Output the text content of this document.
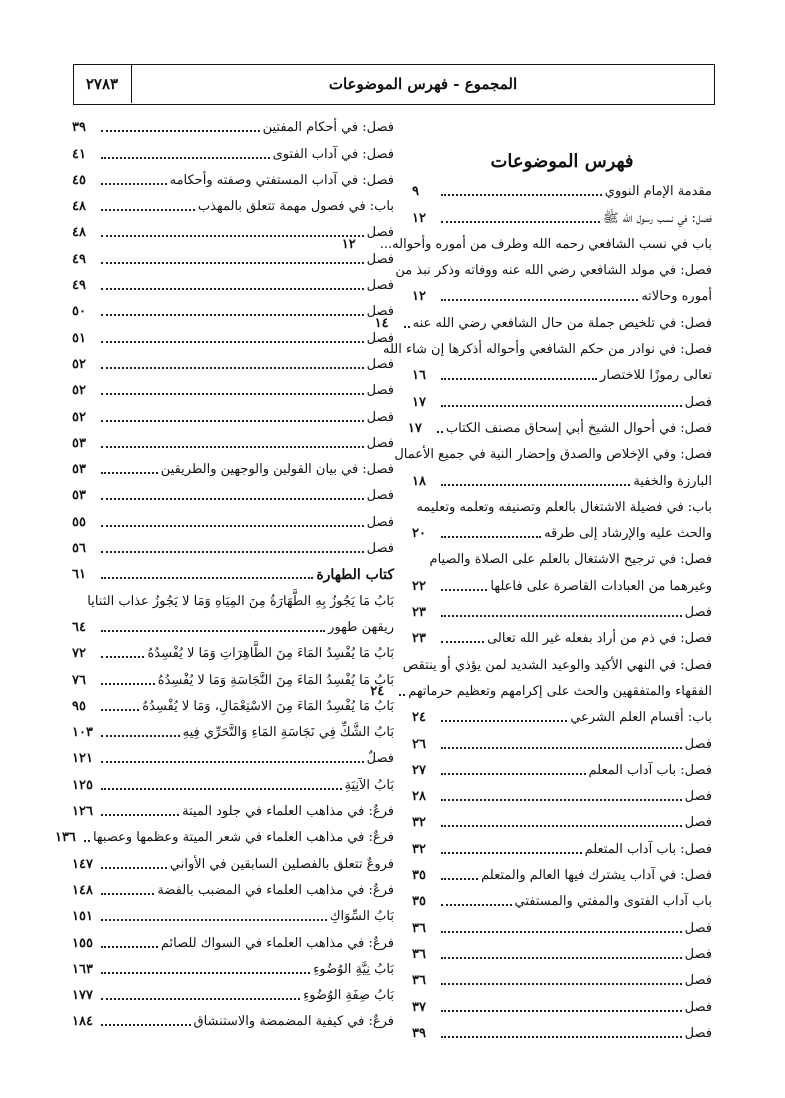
٢٧٨٣	المجموع - فهرس الموضوعات
فهرس الموضوعات
مقدمة الإمام النووي
٩
فصل: في نسب رسول الله ﷺ
١٢
باب في نسب الشافعي رحمه الله وطرف من أموره وأحواله...
١٢
فصل: في مولد الشافعي رضي الله عنه ووفاته وذكر نبذ من
أموره وحالاته
١٢
فصل: في تلخيص جملة من حال الشافعي رضي الله عنه
١٤
فصل: في نوادر من حكم الشافعي وأحواله أذكرها إن شاء الله
تعالى رموزًا للاختصار
١٦
فصل
١٧
فصل: في أحوال الشيخ أبي إسحاق مصنف الكتاب
١٧
فصل: وفي الإخلاص والصدق وإحضار النية في جميع الأعمال
البارزة والخفية
١٨
باب: في فضيلة الاشتغال بالعلم وتصنيفه وتعلمه وتعليمه
والحث عليه والإرشاد إلى طرقه
٢٠
فصل: في ترجيح الاشتغال بالعلم على الصلاة والصيام
وغيرهما من العبادات القاصرة على فاعلها
٢٢
فصل
٢٣
فصل: في ذم من أراد بفعله غير الله تعالى
٢٣
فصل: في النهي الأكيد والوعيد الشديد لمن يؤذي أو ينتقص
الفقهاء والمتفقهين والحث على إكرامهم وتعظيم حرماتهم
٢٤
باب: أقسام العلم الشرعي
٢٤
فصل
٢٦
فصل: باب آداب المعلم
٢٧
فصل
٢٨
فصل
٣٢
فصل: باب آداب المتعلم
٣٢
فصل: في آداب يشترك فيها العالم والمتعلم
٣٥
باب آداب الفتوى والمفتي والمستفتي
٣٥
فصل
٣٦
فصل
٣٦
فصل
٣٦
فصل
٣٧
فصل
٣٩
فصل: في أحكام المفتين
٣٩
فصل: في آداب الفتوى
٤١
فصل: في آداب المستفتي وصفته وأحكامه
٤٥
باب: في فصول مهمة تتعلق بالمهذب
٤٨
فصل
٤٨
فصل
٤٩
فصل
٤٩
فصل
٥٠
فصل
٥١
فصل
٥٢
فصل
٥٢
فصل
٥٢
فصل
٥٣
فصل: في بيان القولين والوجهين والطريقين
٥٣
فصل
٥٣
فصل
٥٥
فصل
٥٦
كتاب الطهارة
٦١
بَابُ مَا يَجُوزُ بِهِ الطَّهَارَةُ مِنَ المِيَاهِ وَمَا لا يَجُوزُ عذاب الثنايا
ريقهن طهور
٦٤
بَابُ مَا يُفْسِدُ المَاءَ مِنَ الطَّاهِرَاتِ وَمَا لا يُفْسِدُهُ
٧٢
بَابُ مَا يُفْسِدُ المَاءَ مِنَ النَّجَاسَةِ وَمَا لا يُفْسِدُهُ
٧٦
بَابُ مَا يُفْسِدُ المَاءَ مِنَ الاسْتِعْمَالِ، وَمَا لا يُفْسِدُهُ
٩٥
بَابُ الشَّكِّ فِي نَجَاسَةِ المَاءِ وَالتَّحَرِّي فِيهِ
١٠٣
فصلٌ
١٢١
بَابُ الآنِيَةِ
١٢٥
فرعٌ: في مذاهب العلماء في جلود الميتة
١٢٦
فرعٌ: في مذاهب العلماء في شعر الميتة وعظمها وعصبها
١٣٦
فروعٌ تتعلق بالفصلين السابقين في الأواني
١٤٧
فرعٌ: في مذاهب العلماء في المضبب بالفضة
١٤٨
بَابُ السِّوَاكِ
١٥١
فرعٌ: في مذاهب العلماء في السواك للصائم
١٥٥
بَابُ نِيَّةِ الوُضُوءِ
١٦٣
بَابُ صِفَةِ الوُضُوءِ
١٧٧
فرعٌ: في كيفية المضمضة والاستنشاق
١٨٤
